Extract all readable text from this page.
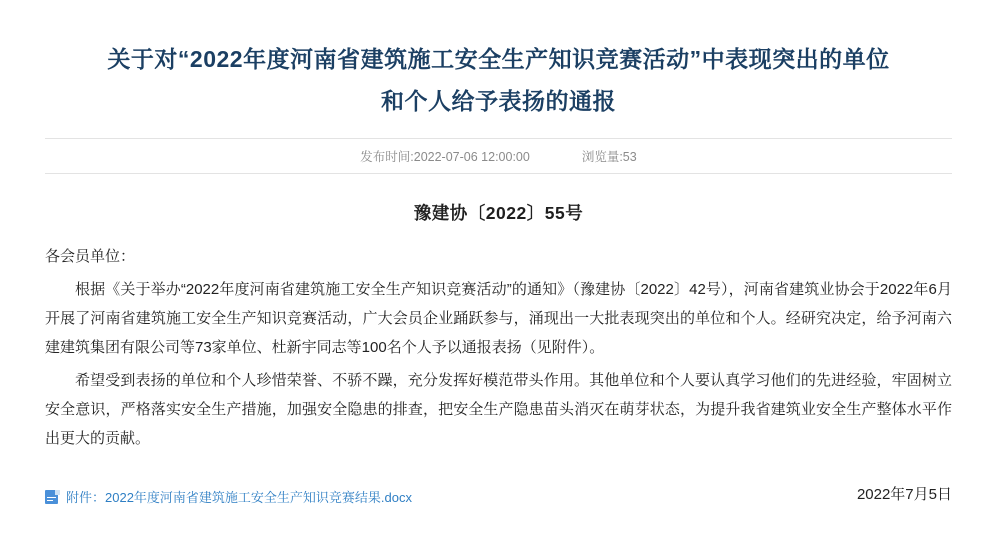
关于对“2022年度河南省建筑施工安全生产知识竞赛活动”中表现突出的单位和个人给予表扬的通报
发布时间:2022-07-06 12:00:00	浏览量:53
豫建协〔2022〕55号

各会员单位：

根据《关于举办“2022年度河南省建筑施工安全生产知识竞赛活动”的通知》（豫建协〔2022〕42号），河南省建筑业协会于2022年6月开展了河南省建筑施工安全生产知识竞赛活动，广大会员企业踊跃参与，涌现出一大批表现突出的单位和个人。经研究决定，给予河南六建建筑集团有限公司等73家单位、杜新宇同志等100名个人予以通报表扬（见附件）。

希望受到表扬的单位和个人珍惜荣誉、不骄不躁，充分发挥好模范带头作用。其他单位和个人要认真学习他们的先进经验，牢固树立安全意识，严格落实安全生产措施，加强安全隐患的排查，把安全生产隐患苗头消灭在萌芽状态，为提升我省建筑业安全生产整体水平作出更大的贡献。

附件：2022年度河南省建筑施工安全生产知识竞赛结果.docx	2022年7月5日
